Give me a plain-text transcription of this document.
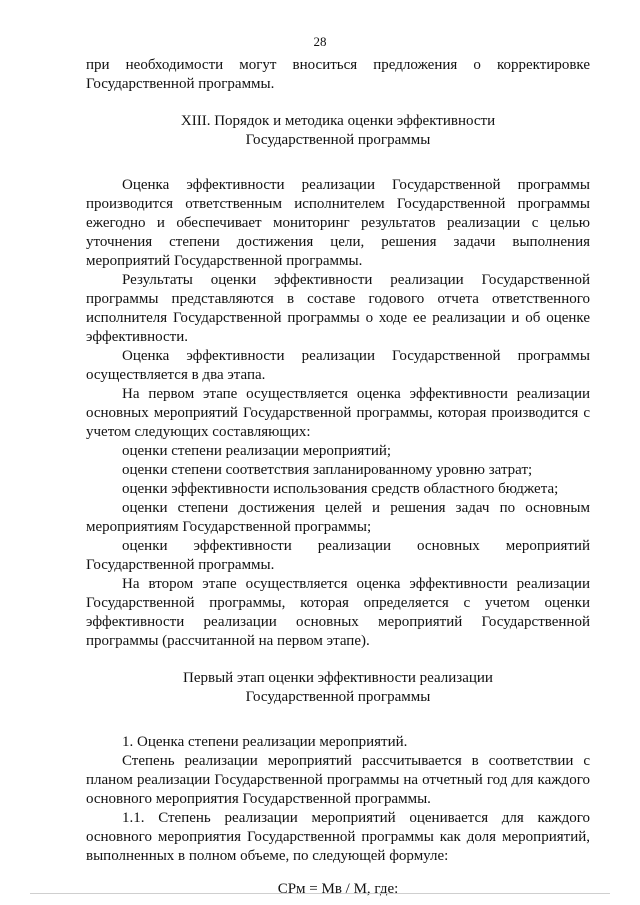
28

при необходимости могут вноситься предложения о корректировке Государственной программы.

XIII. Порядок и методика оценки эффективности

Государственной программы

Оценка эффективности реализации Государственной программы производится ответственным исполнителем Государственной программы ежегодно и обеспечивает мониторинг результатов реализации с целью уточнения степени достижения цели, решения задачи выполнения мероприятий Государственной программы.

Результаты оценки эффективности реализации Государственной программы представляются в составе годового отчета ответственного исполнителя Государственной программы о ходе ее реализации и об оценке эффективности.

Оценка эффективности реализации Государственной программы осуществляется в два этапа.

На первом этапе осуществляется оценка эффективности реализации основных мероприятий Государственной программы, которая производится с учетом следующих составляющих:

оценки степени реализации мероприятий;

оценки степени соответствия запланированному уровню затрат;

оценки эффективности использования средств областного бюджета;

оценки степени достижения целей и решения задач по основным мероприятиям Государственной программы;

оценки эффективности реализации основных мероприятий Государственной программы.

На втором этапе осуществляется оценка эффективности реализации Государственной программы, которая определяется с учетом оценки эффективности реализации основных мероприятий Государственной программы (рассчитанной на первом этапе).

Первый этап оценки эффективности реализации

Государственной программы

1. Оценка степени реализации мероприятий.

Степень реализации мероприятий рассчитывается в соответствии с планом реализации Государственной программы на отчетный год для каждого основного мероприятия Государственной программы.

1.1. Степень реализации мероприятий оценивается для каждого основного мероприятия Государственной программы как доля мероприятий, выполненных в полном объеме, по следующей формуле:

СРм = Мв / М, где:
